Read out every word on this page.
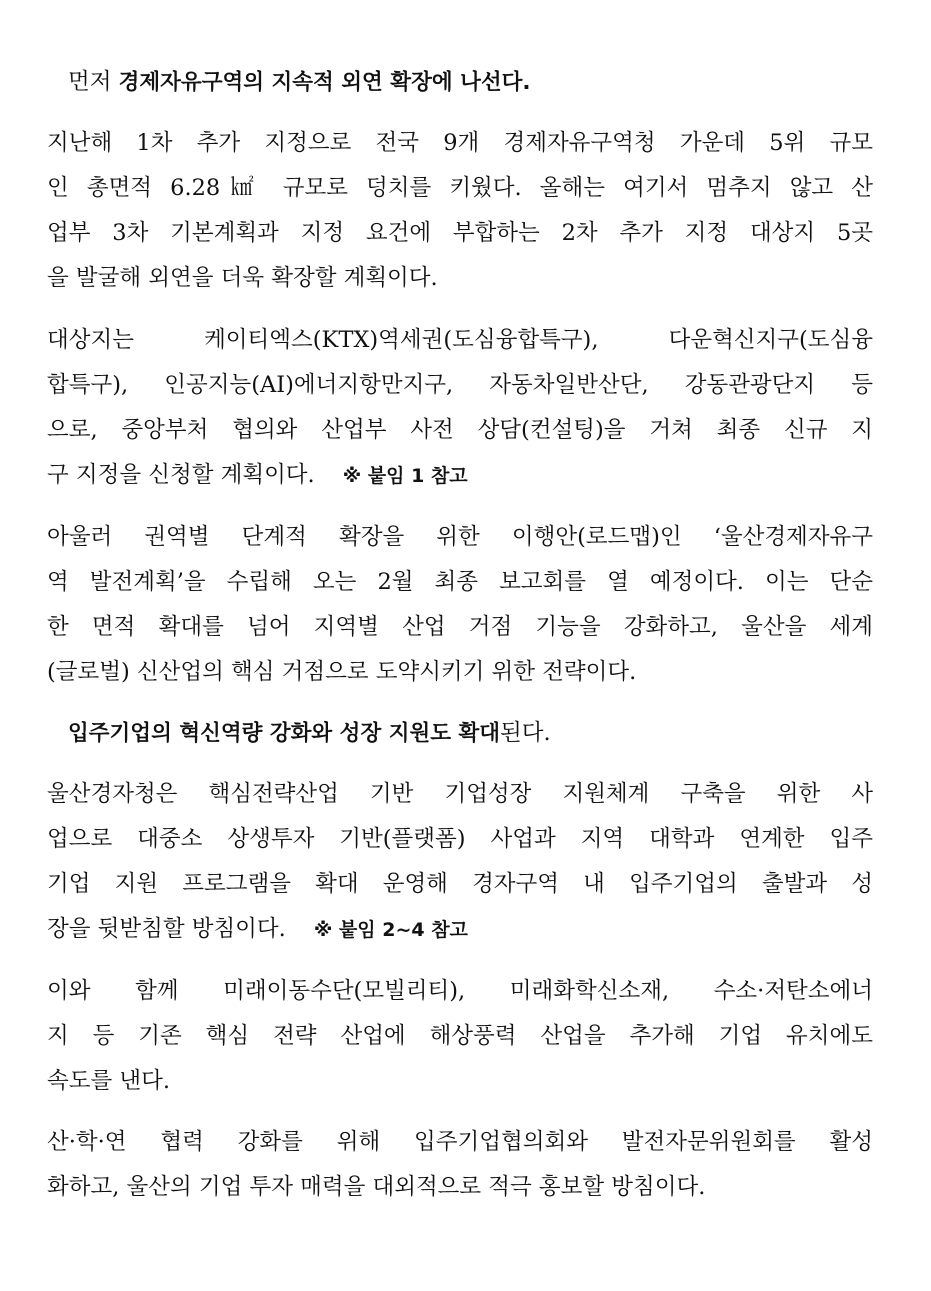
먼저 경제자유구역의 지속적 외연 확장에 나선다.
지난해 1차 추가 지정으로 전국 9개 경제자유구역청 가운데 5위 규모
인 총면적 6.28㎢ 규모로 덩치를 키웠다. 올해는 여기서 멈추지 않고 산
업부 3차 기본계획과 지정 요건에 부합하는 2차 추가 지정 대상지 5곳
을 발굴해 외연을 더욱 확장할 계획이다.
대상지는 케이티엑스(KTX)역세권(도심융합특구), 다운혁신지구(도심융
합특구), 인공지능(AI)에너지항만지구, 자동차일반산단, 강동관광단지 등
으로, 중앙부처 협의와 산업부 사전 상담(컨설팅)을 거쳐 최종 신규 지
구 지정을 신청할 계획이다. ※ 붙임 1 참고
아울러 권역별 단계적 확장을 위한 이행안(로드맵)인 ‘울산경제자유구
역 발전계획’을 수립해 오는 2월 최종 보고회를 열 예정이다. 이는 단순
한 면적 확대를 넘어 지역별 산업 거점 기능을 강화하고, 울산을 세계
(글로벌) 신산업의 핵심 거점으로 도약시키기 위한 전략이다.
입주기업의 혁신역량 강화와 성장 지원도 확대된다.
울산경자청은 핵심전략산업 기반 기업성장 지원체계 구축을 위한 사
업으로 대중소 상생투자 기반(플랫폼) 사업과 지역 대학과 연계한 입주
기업 지원 프로그램을 확대 운영해 경자구역 내 입주기업의 출발과 성
장을 뒷받침할 방침이다. ※ 붙임 2~4 참고
이와 함께 미래이동수단(모빌리티), 미래화학신소재, 수소·저탄소에너
지 등 기존 핵심 전략 산업에 해상풍력 산업을 추가해 기업 유치에도
속도를 낸다.
산·학·연 협력 강화를 위해 입주기업협의회와 발전자문위원회를 활성
화하고, 울산의 기업 투자 매력을 대외적으로 적극 홍보할 방침이다.
